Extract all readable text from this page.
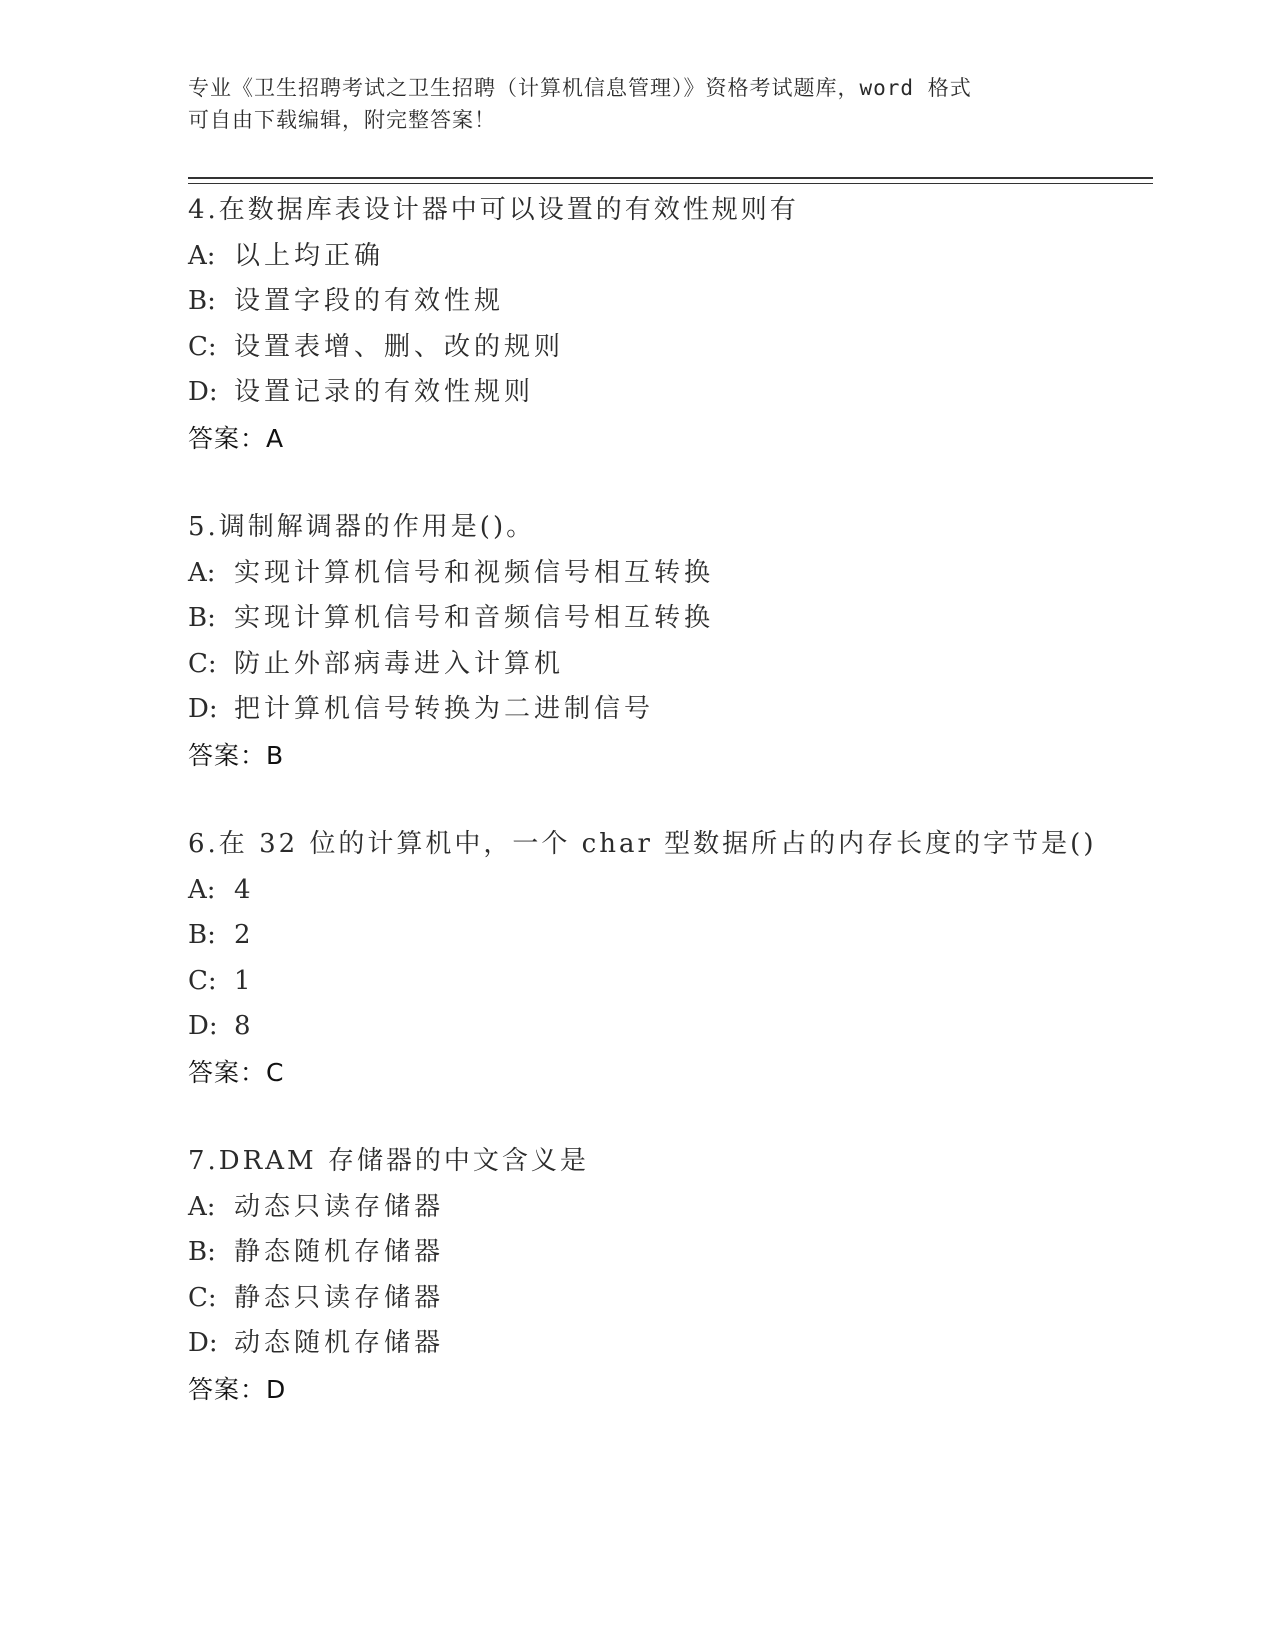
专业《卫生招聘考试之卫生招聘（计算机信息管理）》资格考试题库，word 格式
可自由下载编辑，附完整答案！
4.在数据库表设计器中可以设置的有效性规则有
A: 以上均正确
B: 设置字段的有效性规
C: 设置表增、删、改的规则
D: 设置记录的有效性规则
答案：A
5.调制解调器的作用是()。
A: 实现计算机信号和视频信号相互转换
B: 实现计算机信号和音频信号相互转换
C: 防止外部病毒进入计算机
D: 把计算机信号转换为二进制信号
答案：B
6.在 32 位的计算机中，一个 char 型数据所占的内存长度的字节是()
A: 4
B: 2
C: 1
D: 8
答案：C
7.DRAM 存储器的中文含义是
A: 动态只读存储器
B: 静态随机存储器
C: 静态只读存储器
D: 动态随机存储器
答案：D
